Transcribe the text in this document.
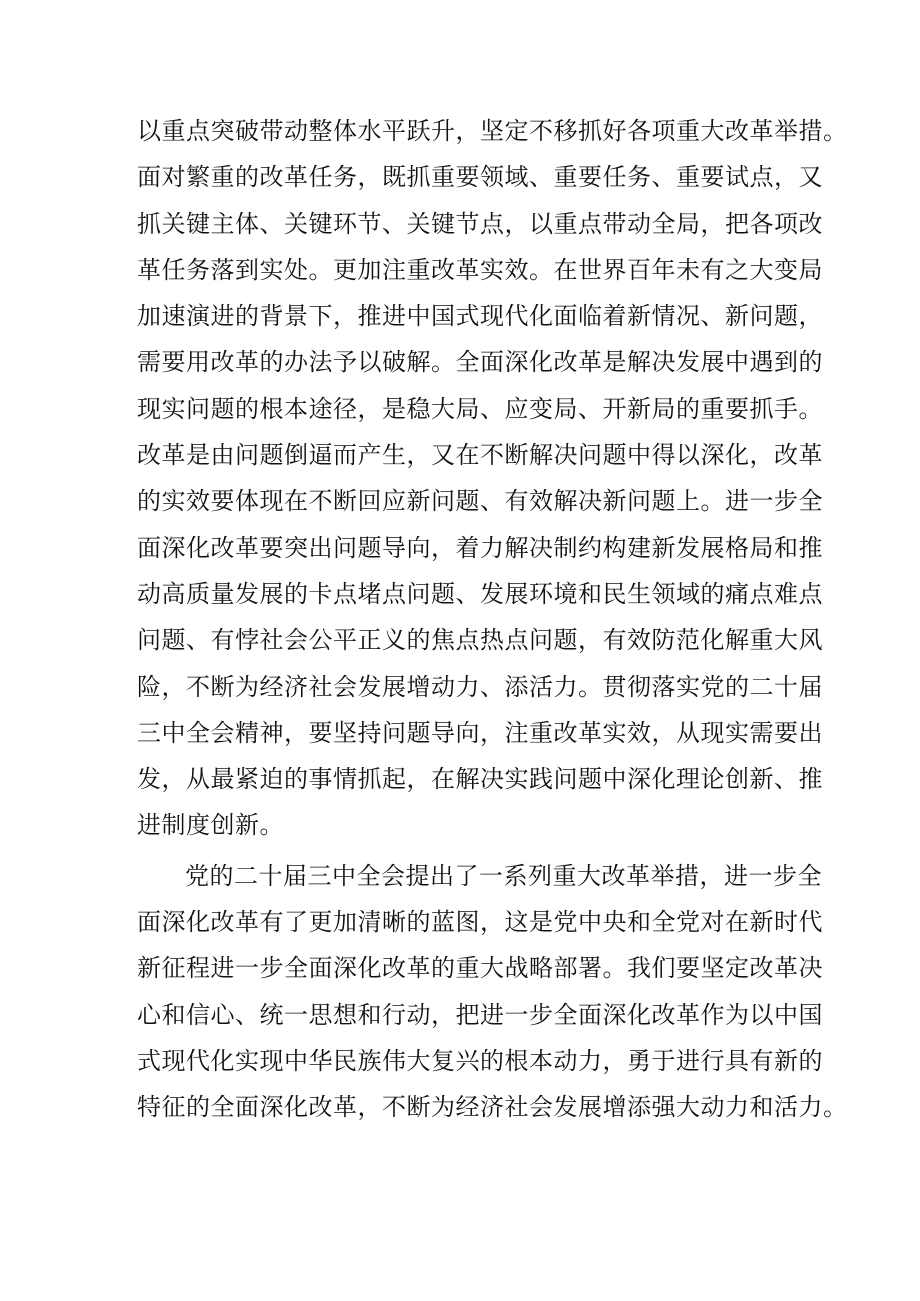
以重点突破带动整体水平跃升，坚定不移抓好各项重大改革举措。
面对繁重的改革任务，既抓重要领域、重要任务、重要试点，又
抓关键主体、关键环节、关键节点，以重点带动全局，把各项改
革任务落到实处。更加注重改革实效。在世界百年未有之大变局
加速演进的背景下，推进中国式现代化面临着新情况、新问题，
需要用改革的办法予以破解。全面深化改革是解决发展中遇到的
现实问题的根本途径，是稳大局、应变局、开新局的重要抓手。
改革是由问题倒逼而产生，又在不断解决问题中得以深化，改革
的实效要体现在不断回应新问题、有效解决新问题上。进一步全
面深化改革要突出问题导向，着力解决制约构建新发展格局和推
动高质量发展的卡点堵点问题、发展环境和民生领域的痛点难点
问题、有悖社会公平正义的焦点热点问题，有效防范化解重大风
险，不断为经济社会发展增动力、添活力。贯彻落实党的二十届
三中全会精神，要坚持问题导向，注重改革实效，从现实需要出
发，从最紧迫的事情抓起，在解决实践问题中深化理论创新、推
进制度创新。
党的二十届三中全会提出了一系列重大改革举措，进一步全
面深化改革有了更加清晰的蓝图，这是党中央和全党对在新时代
新征程进一步全面深化改革的重大战略部署。我们要坚定改革决
心和信心、统一思想和行动，把进一步全面深化改革作为以中国
式现代化实现中华民族伟大复兴的根本动力，勇于进行具有新的
特征的全面深化改革，不断为经济社会发展增添强大动力和活力。
